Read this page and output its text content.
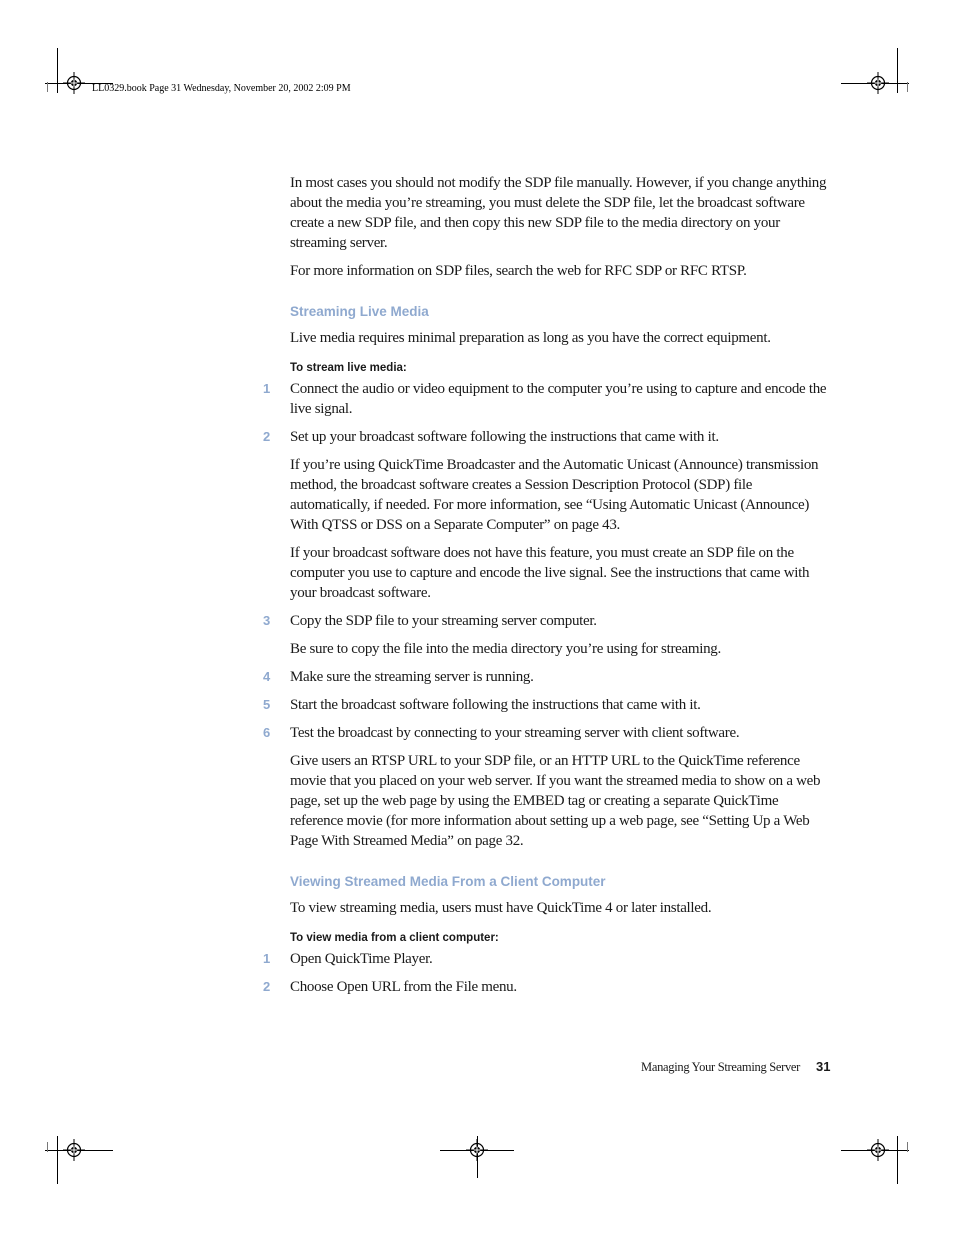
LL0329.book Page 31 Wednesday, November 20, 2002 2:09 PM

In most cases you should not modify the SDP file manually. However, if you change anything about the media you’re streaming, you must delete the SDP file, let the broadcast software create a new SDP file, and then copy this new SDP file to the media directory on your streaming server.

For more information on SDP files, search the web for RFC SDP or RFC RTSP.

Streaming Live Media

Live media requires minimal preparation as long as you have the correct equipment.

To stream live media:
1	Connect the audio or video equipment to the computer you’re using to capture and encode the live signal.
2	Set up your broadcast software following the instructions that came with it.

If you’re using QuickTime Broadcaster and the Automatic Unicast (Announce) transmission method, the broadcast software creates a Session Description Protocol (SDP) file automatically, if needed. For more information, see “Using Automatic Unicast (Announce) With QTSS or DSS on a Separate Computer” on page 43.

If your broadcast software does not have this feature, you must create an SDP file on the computer you use to capture and encode the live signal. See the instructions that came with your broadcast software.

3	Copy the SDP file to your streaming server computer.

Be sure to copy the file into the media directory you’re using for streaming.

4	Make sure the streaming server is running.
5	Start the broadcast software following the instructions that came with it.
6	Test the broadcast by connecting to your streaming server with client software.

Give users an RTSP URL to your SDP file, or an HTTP URL to the QuickTime reference movie that you placed on your web server. If you want the streamed media to show on a web page, set up the web page by using the EMBED tag or creating a separate QuickTime reference movie (for more information about setting up a web page, see “Setting Up a Web Page With Streamed Media” on page 32.

Viewing Streamed Media From a Client Computer

To view streaming media, users must have QuickTime 4 or later installed.

To view media from a client computer:
1	Open QuickTime Player.
2	Choose Open URL from the File menu.
Managing Your Streaming Server 31
